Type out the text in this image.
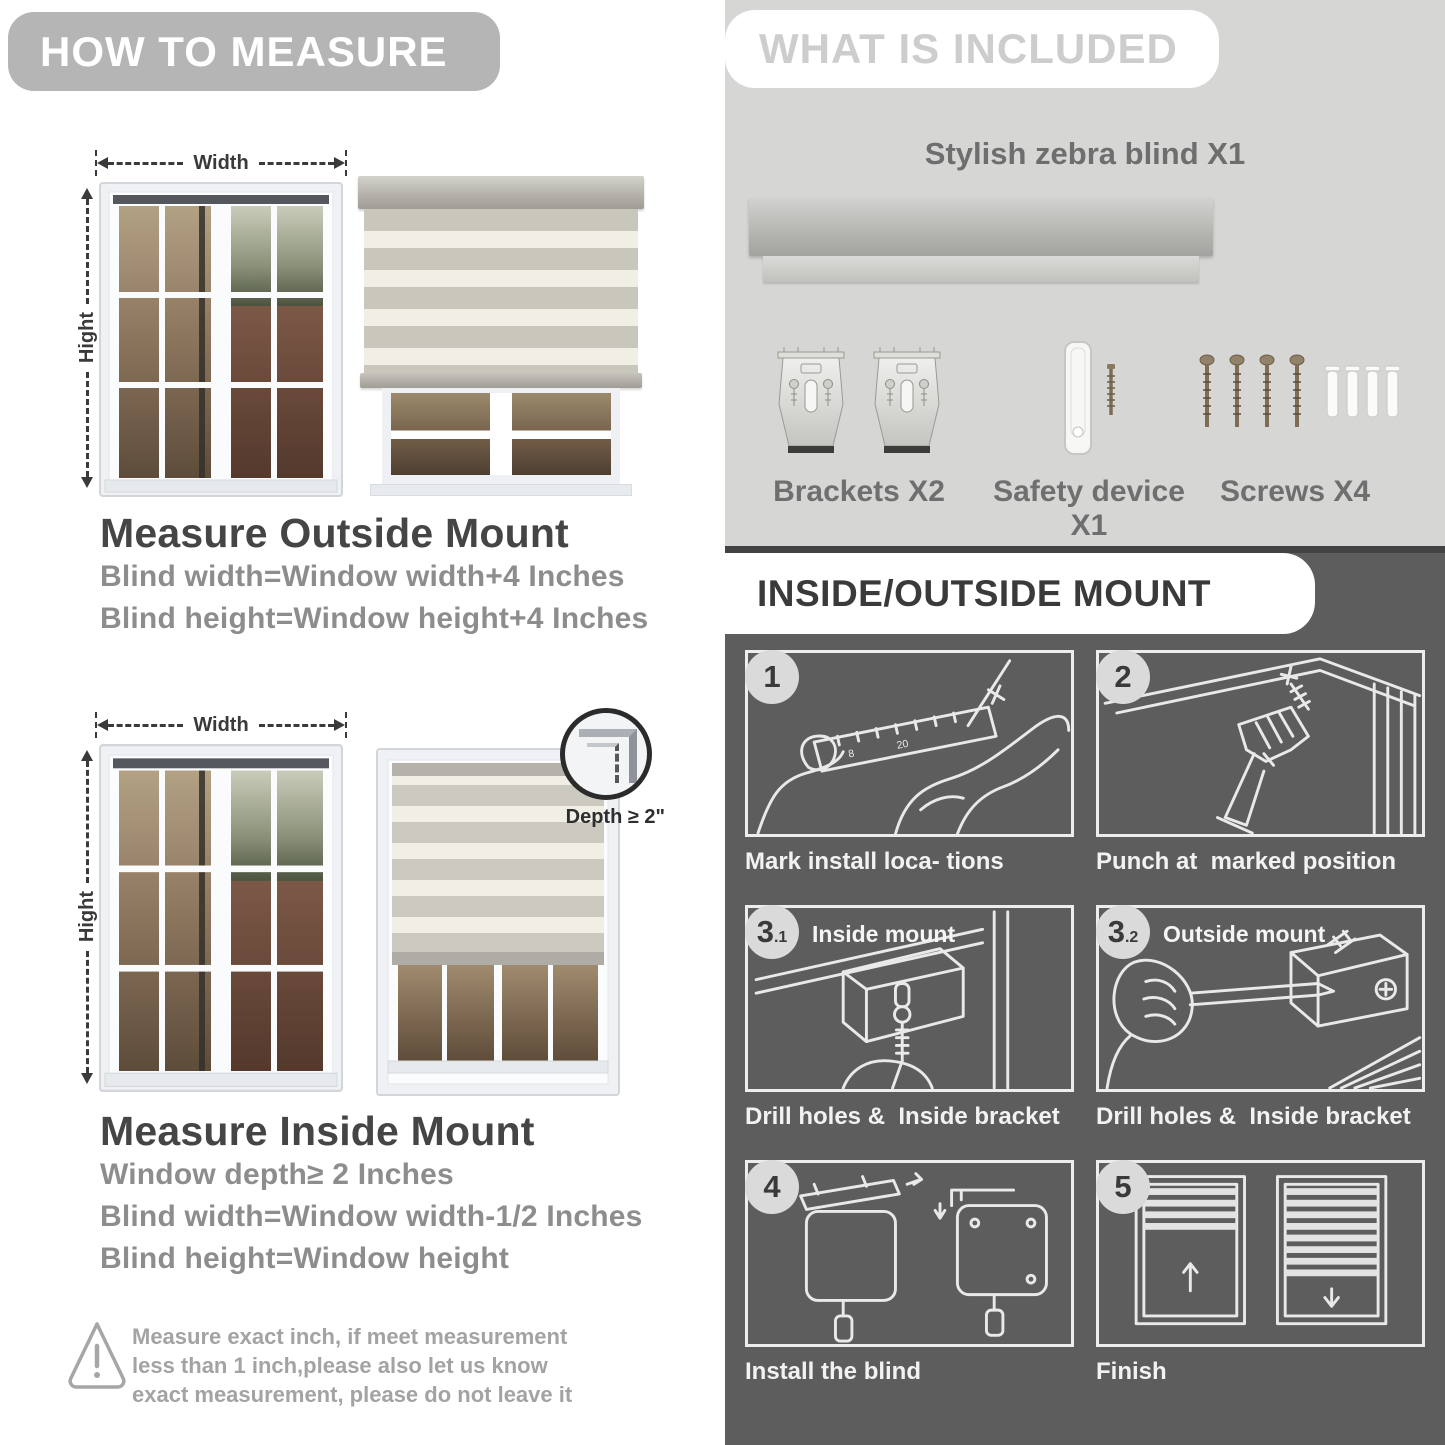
HOW TO MEASURE
Width
Hight
Measure Outside Mount
Blind width=Window width+4 Inches
Blind height=Window height+4 Inches
Width
Hight
Depth ≥ 2"
Measure Inside Mount
Window depth≥ 2 Inches
Blind width=Window width-1/2 Inches
Blind height=Window height
Measure exact inch, if meet measurement less than 1 inch,please also let us know exact measurement, please do not leave it
WHAT IS INCLUDED
Stylish zebra blind X1
Brackets X2	Safety device X1
Screws X4
INSIDE/OUTSIDE MOUNT
8
20
1
Mark install loca- tions
2
Punch at  marked position
3 .1 Inside mount
Drill holes &  Inside bracket
3 .2 Outside mount
Drill holes &  Inside bracket
4
Install the blind
5
Finish
